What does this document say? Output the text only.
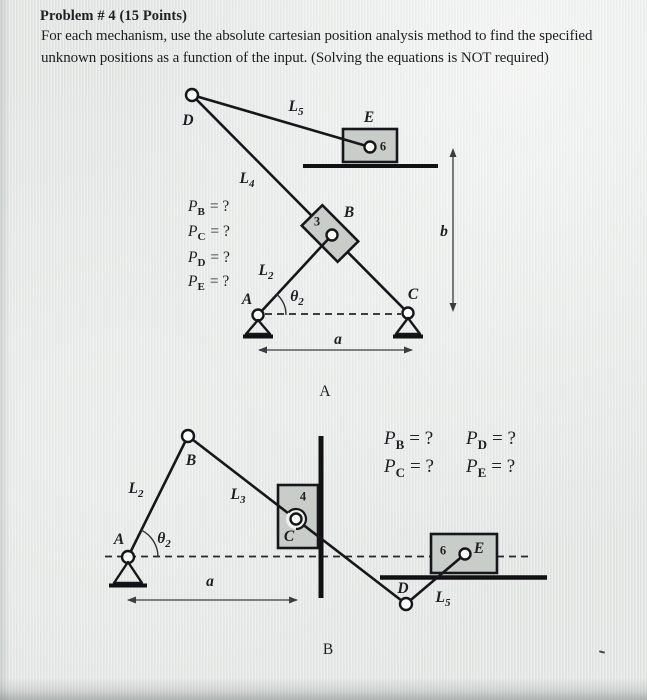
Problem # 4 (15 Points)
For each mechanism, use the absolute cartesian position analysis method to find the specified
unknown positions as a function of the input. (Solving the equations is NOT required)
D
$L_5$	E
6
$L_4$
B
3
b
$L_2$
A $\theta_2$	C
a
A
$P_B$ = ?
$P_C$ = ?
$P_D$ = ?
$P_E$ = ?
B
$L_2$	$L_3$
A $\theta_2$
4
C
6 E
D
$L_5$
a
B
$P_B$ = ?
$P_C$ = ?
$P_D$ = ?
$P_E$ = ?
